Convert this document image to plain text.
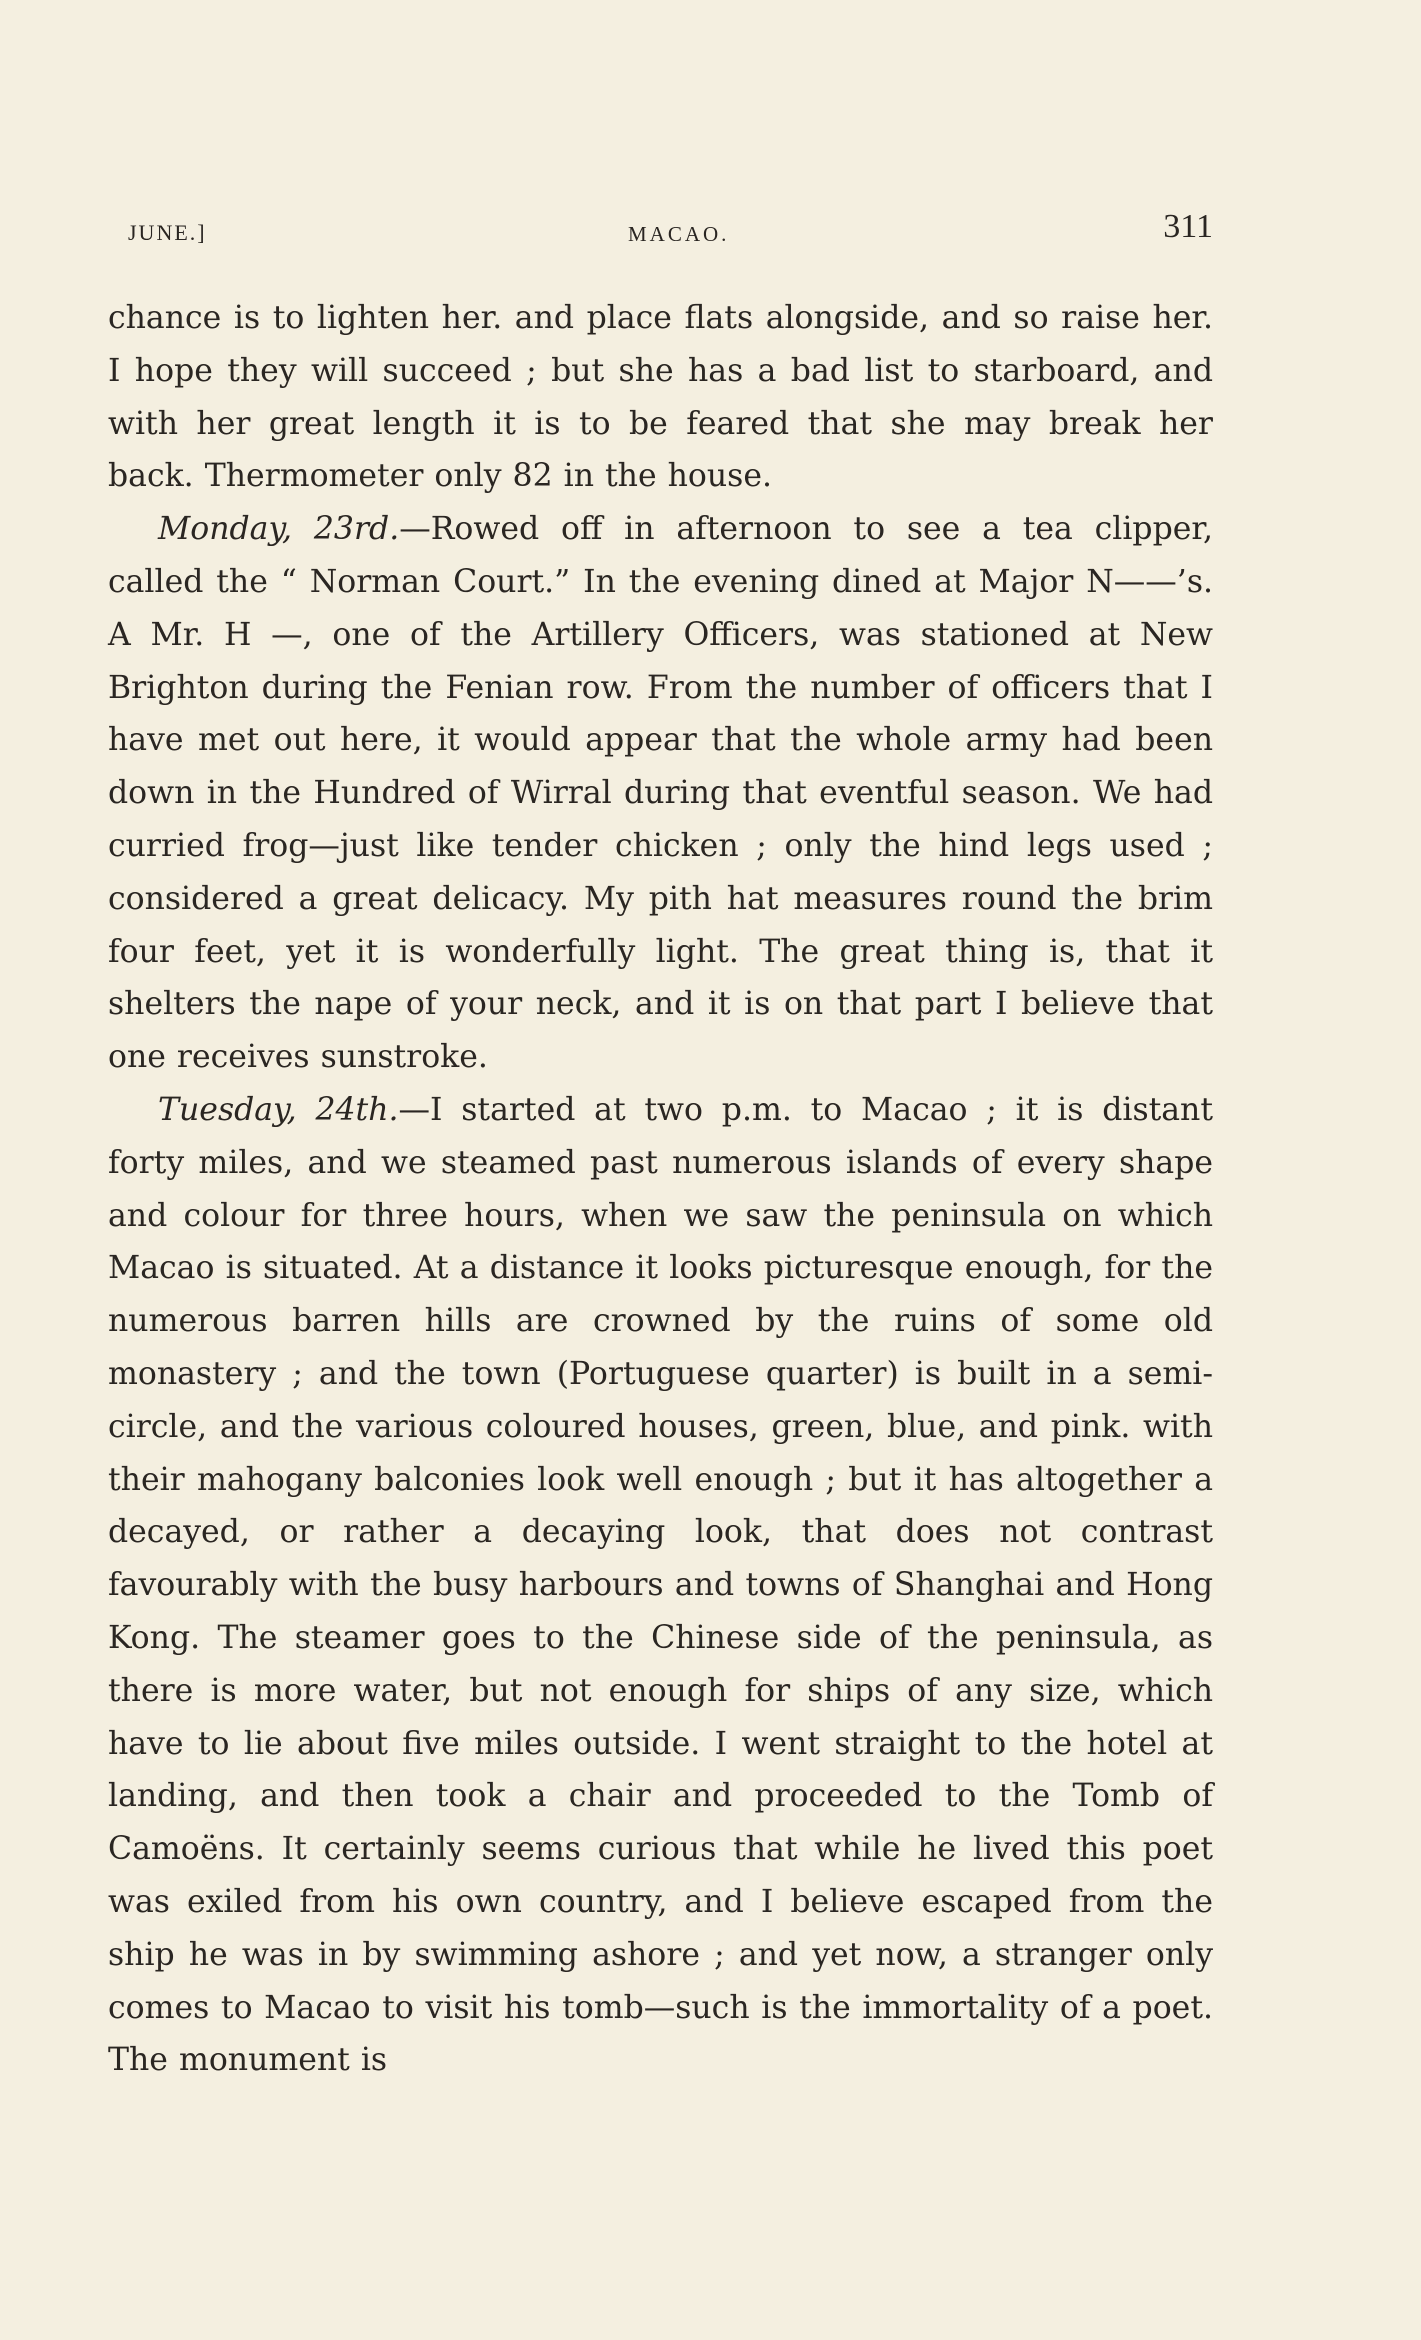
JUNE.]	MACAO.	311

chance is to lighten her. and place flats alongside, and so raise her. I hope they will succeed ; but she has a bad list to starboard, and with her great length it is to be feared that she may break her back. Thermometer only 82 in the house.

Monday, 23rd.—Rowed off in afternoon to see a tea clipper, called the “ Norman Court.” In the evening dined at Major N——’s. A Mr. H —, one of the Artillery Officers, was stationed at New Brighton during the Fenian row. From the number of officers that I have met out here, it would appear that the whole army had been down in the Hundred of Wirral during that eventful season. We had curried frog—just like tender chicken ; only the hind legs used ; considered a great delicacy. My pith hat measures round the brim four feet, yet it is wonderfully light. The great thing is, that it shelters the nape of your neck, and it is on that part I believe that one receives sunstroke.

Tuesday, 24th.—I started at two p.m. to Macao ; it is distant forty miles, and we steamed past numerous islands of every shape and colour for three hours, when we saw the peninsula on which Macao is situated. At a distance it looks picturesque enough, for the numerous barren hills are crowned by the ruins of some old monastery ; and the town (Portuguese quarter) is built in a semi-circle, and the various coloured houses, green, blue, and pink. with their mahogany balconies look well enough ; but it has altogether a decayed, or rather a decaying look, that does not contrast favourably with the busy harbours and towns of Shanghai and Hong Kong. The steamer goes to the Chinese side of the peninsula, as there is more water, but not enough for ships of any size, which have to lie about five miles outside. I went straight to the hotel at landing, and then took a chair and proceeded to the Tomb of Camoëns. It certainly seems curious that while he lived this poet was exiled from his own country, and I believe escaped from the ship he was in by swimming ashore ; and yet now, a stranger only comes to Macao to visit his tomb—such is the immortality of a poet. The monument is
